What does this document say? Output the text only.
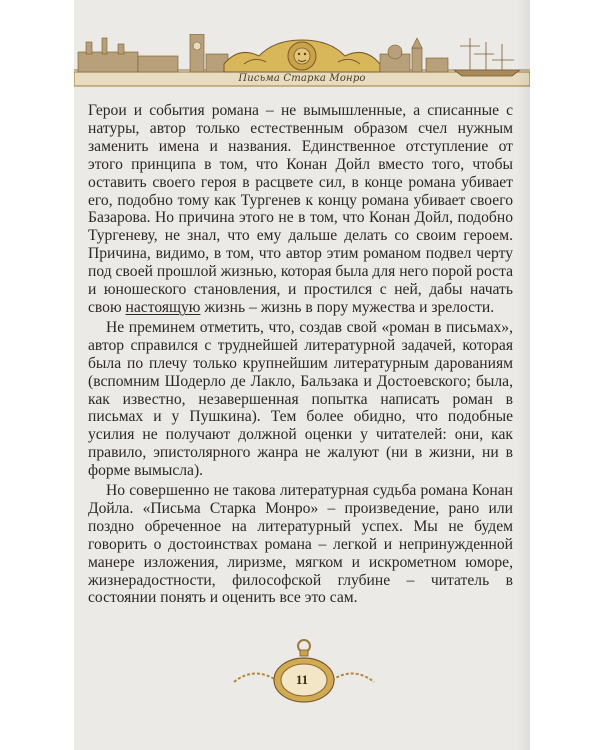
Письма Старка Монро

Герои и события романа – не вымышленные, а списанные с натуры, автор только естественным образом счел нужным заменить имена и названия. Единственное отступление от этого принципа в том, что Конан Дойл вместо того, чтобы оставить своего героя в расцвете сил, в конце романа убивает его, подобно тому как Тургенев к концу романа убивает своего Базарова. Но причина этого не в том, что Конан Дойл, подобно Тургеневу, не знал, что ему дальше делать со своим героем. Причина, видимо, в том, что автор этим романом подвел черту под своей прошлой жизнью, которая была для него порой роста и юношеского становления, и простился с ней, дабы начать свою настоящую жизнь – жизнь в пору мужества и зрелости.

Не преминем отметить, что, создав свой «роман в письмах», автор справился с труднейшей литературной задачей, которая была по плечу только крупнейшим литературным дарованиям (вспомним Шодерло де Лакло, Бальзака и Достоевского; была, как известно, незавершенная попытка написать роман в письмах и у Пушкина). Тем более обидно, что подобные усилия не получают должной оценки у читателей: они, как правило, эпистолярного жанра не жалуют (ни в жизни, ни в форме вымысла).

Но совершенно не такова литературная судьба романа Конан Дойла. «Письма Старка Монро» – произведение, рано или поздно обреченное на литературный успех. Мы не будем говорить о достоинствах романа – легкой и непринужденной манере изложения, лиризме, мягком и искрометном юморе, жизнерадостности, философской глубине – читатель в состоянии понять и оценить все это сам.

11
